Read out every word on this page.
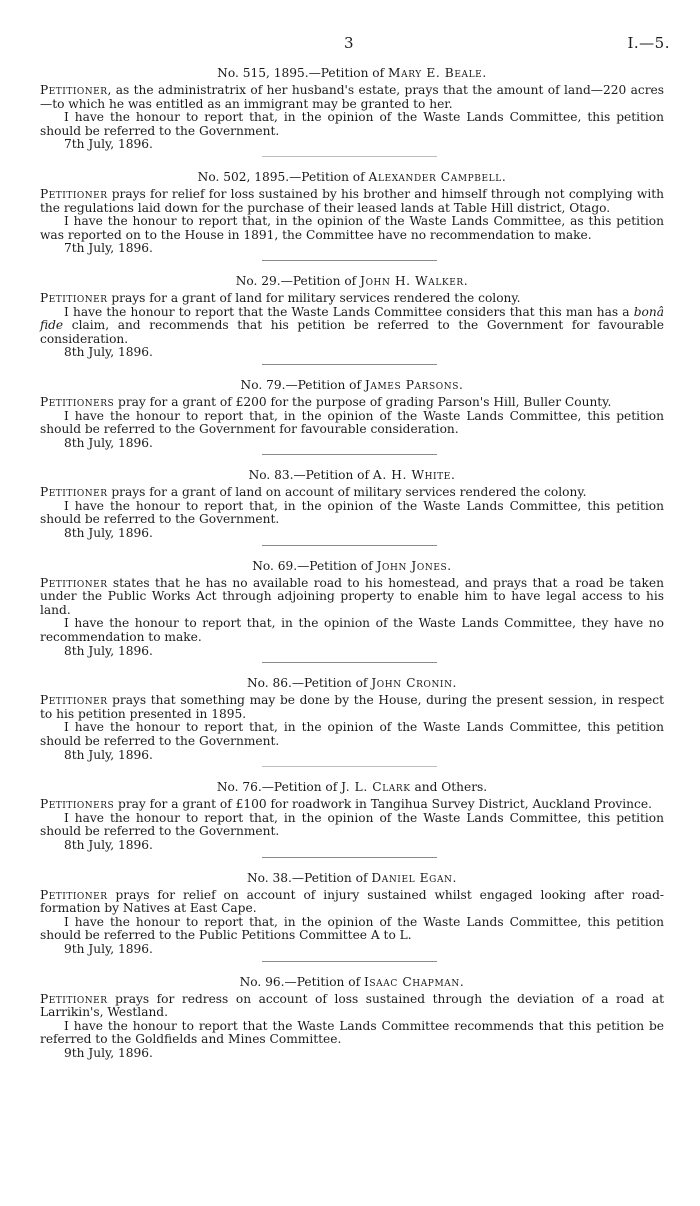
3	I.—5.
No. 515, 1895.—Petition of Mary E. Beale.

Petitioner, as the administratrix of her husband's estate, prays that the amount of land—220 acres—to which he was entitled as an immigrant may be granted to her.

I have the honour to report that, in the opinion of the Waste Lands Committee, this petition should be referred to the Government.

7th July, 1896.
No. 502, 1895.—Petition of Alexander Campbell.

Petitioner prays for relief for loss sustained by his brother and himself through not complying with the regulations laid down for the purchase of their leased lands at Table Hill district, Otago.

I have the honour to report that, in the opinion of the Waste Lands Committee, as this petition was reported on to the House in 1891, the Committee have no recommendation to make.

7th July, 1896.
No. 29.—Petition of John H. Walker.

Petitioner prays for a grant of land for military services rendered the colony.

I have the honour to report that the Waste Lands Committee considers that this man has a bonâ fide claim, and recommends that his petition be referred to the Government for favourable consideration.

8th July, 1896.
No. 79.—Petition of James Parsons.

Petitioners pray for a grant of £200 for the purpose of grading Parson's Hill, Buller County.

I have the honour to report that, in the opinion of the Waste Lands Committee, this petition should be referred to the Government for favourable consideration.

8th July, 1896.
No. 83.—Petition of A. H. White.

Petitioner prays for a grant of land on account of military services rendered the colony.

I have the honour to report that, in the opinion of the Waste Lands Committee, this petition should be referred to the Government.

8th July, 1896.
No. 69.—Petition of John Jones.

Petitioner states that he has no available road to his homestead, and prays that a road be taken under the Public Works Act through adjoining property to enable him to have legal access to his land.

I have the honour to report that, in the opinion of the Waste Lands Committee, they have no recommendation to make.

8th July, 1896.
No. 86.—Petition of John Cronin.

Petitioner prays that something may be done by the House, during the present session, in respect to his petition presented in 1895.

I have the honour to report that, in the opinion of the Waste Lands Committee, this petition should be referred to the Government.

8th July, 1896.
No. 76.—Petition of J. L. Clark and Others.

Petitioners pray for a grant of £100 for roadwork in Tangihua Survey District, Auckland Province.

I have the honour to report that, in the opinion of the Waste Lands Committee, this petition should be referred to the Government.

8th July, 1896.
No. 38.—Petition of Daniel Egan.

Petitioner prays for relief on account of injury sustained whilst engaged looking after road-formation by Natives at East Cape.

I have the honour to report that, in the opinion of the Waste Lands Committee, this petition should be referred to the Public Petitions Committee A to L.

9th July, 1896.
No. 96.—Petition of Isaac Chapman.

Petitioner prays for redress on account of loss sustained through the deviation of a road at Larrikin's, Westland.

I have the honour to report that the Waste Lands Committee recommends that this petition be referred to the Goldfields and Mines Committee.

9th July, 1896.
